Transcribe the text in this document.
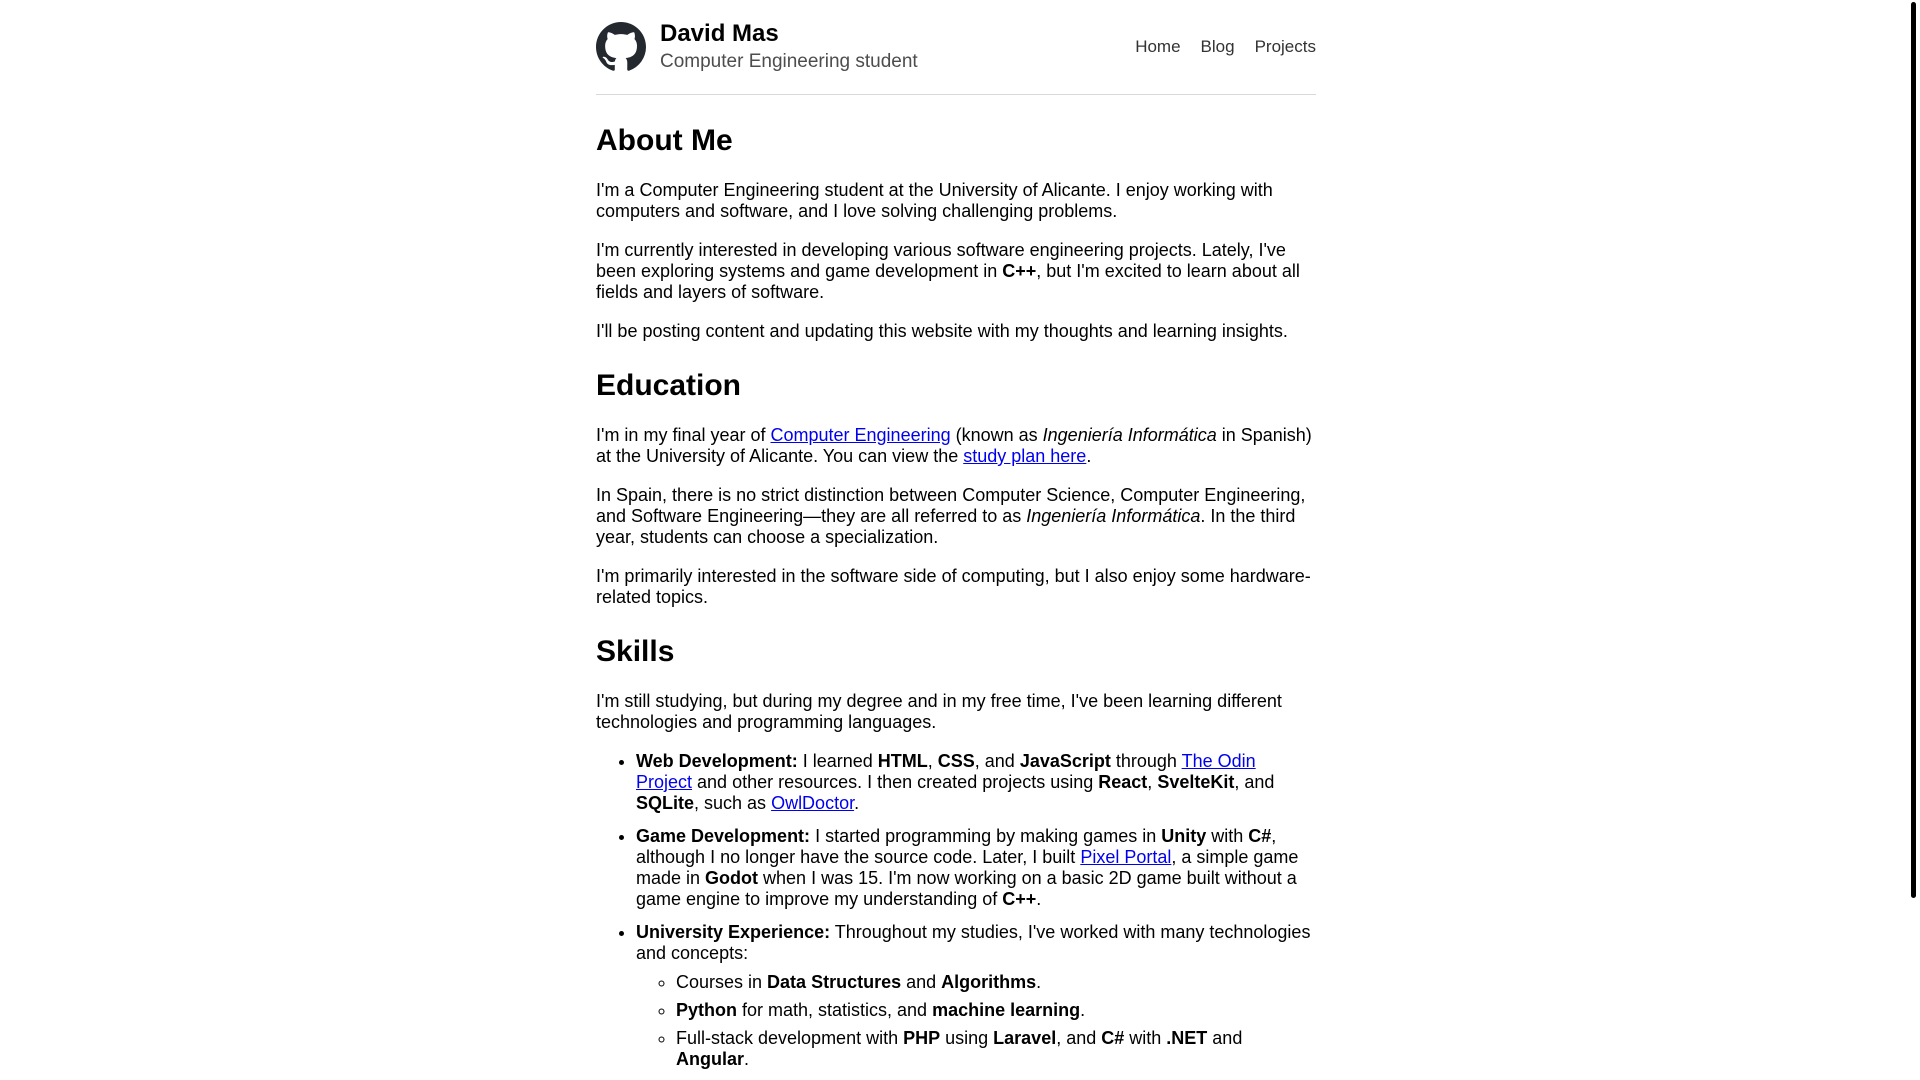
David Mas
Computer Engineering student
Home Blog Projects
About Me

I'm a Computer Engineering student at the University of Alicante. I enjoy working with computers and software, and I love solving challenging problems.

I'm currently interested in developing various software engineering projects. Lately, I've been exploring systems and game development in C++, but I'm excited to learn about all fields and layers of software.

I'll be posting content and updating this website with my thoughts and learning insights.

Education

I'm in my final year of Computer Engineering (known as Ingeniería Informática in Spanish) at the University of Alicante. You can view the study plan here.

In Spain, there is no strict distinction between Computer Science, Computer Engineering, and Software Engineering—they are all referred to as Ingeniería Informática. In the third year, students can choose a specialization.

I'm primarily interested in the software side of computing, but I also enjoy some hardware-related topics.

Skills

I'm still studying, but during my degree and in my free time, I've been learning different technologies and programming languages.

• Web Development: I learned HTML, CSS, and JavaScript through The Odin Project and other resources. I then created projects using React, SvelteKit, and SQLite, such as OwlDoctor.
• Game Development: I started programming by making games in Unity with C#, although I no longer have the source code. Later, I built Pixel Portal, a simple game made in Godot when I was 15. I'm now working on a basic 2D game built without a game engine to improve my understanding of C++.
• University Experience: Throughout my studies, I've worked with many technologies and concepts:
◦ Courses in Data Structures and Algorithms.
◦ Python for math, statistics, and machine learning.
◦ Full-stack development with PHP using Laravel, and C# with .NET and Angular.
